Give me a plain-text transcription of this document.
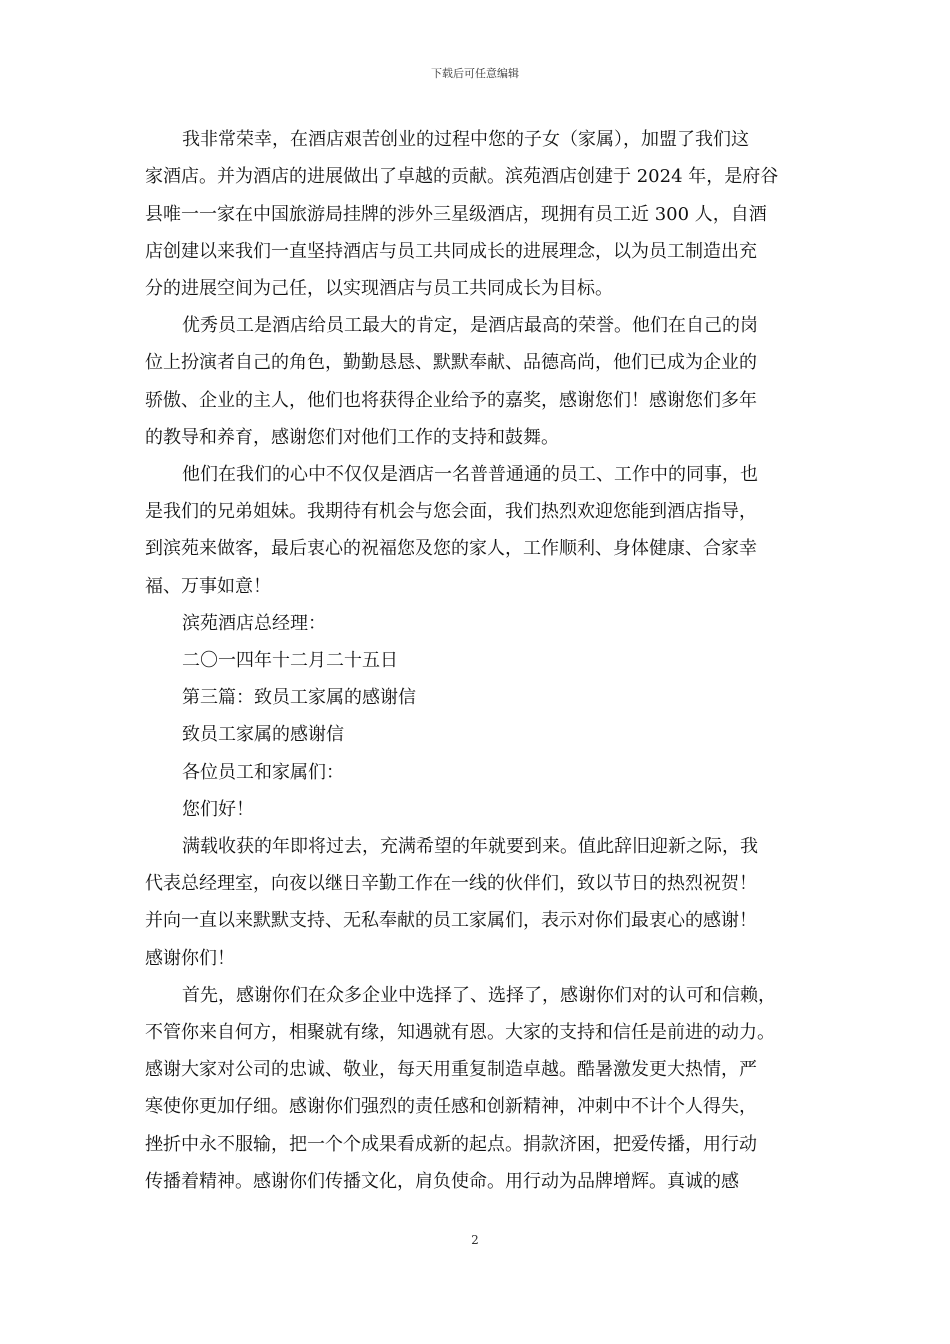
下载后可任意编辑
我非常荣幸，在酒店艰苦创业的过程中您的子女（家属），加盟了我们这
家酒店。并为酒店的进展做出了卓越的贡献。滨苑酒店创建于 2024 年，是府谷
县唯一一家在中国旅游局挂牌的涉外三星级酒店，现拥有员工近 300 人，自酒
店创建以来我们一直坚持酒店与员工共同成长的进展理念，以为员工制造出充
分的进展空间为己任，以实现酒店与员工共同成长为目标。
优秀员工是酒店给员工最大的肯定，是酒店最高的荣誉。他们在自己的岗
位上扮演者自己的角色，勤勤恳恳、默默奉献、品德高尚，他们已成为企业的
骄傲、企业的主人，他们也将获得企业给予的嘉奖，感谢您们！感谢您们多年
的教导和养育，感谢您们对他们工作的支持和鼓舞。
他们在我们的心中不仅仅是酒店一名普普通通的员工、工作中的同事，也
是我们的兄弟姐妹。我期待有机会与您会面，我们热烈欢迎您能到酒店指导，
到滨苑来做客，最后衷心的祝福您及您的家人，工作顺利、身体健康、合家幸
福、万事如意！
滨苑酒店总经理：
二〇一四年十二月二十五日
第三篇：致员工家属的感谢信
致员工家属的感谢信
各位员工和家属们：
您们好！
满载收获的年即将过去，充满希望的年就要到来。值此辞旧迎新之际，我
代表总经理室，向夜以继日辛勤工作在一线的伙伴们，致以节日的热烈祝贺！
并向一直以来默默支持、无私奉献的员工家属们，表示对你们最衷心的感谢！
感谢你们！
首先，感谢你们在众多企业中选择了、选择了，感谢你们对的认可和信赖，
不管你来自何方，相聚就有缘，知遇就有恩。大家的支持和信任是前进的动力。
感谢大家对公司的忠诚、敬业，每天用重复制造卓越。酷暑激发更大热情，严
寒使你更加仔细。感谢你们强烈的责任感和创新精神，冲刺中不计个人得失，
挫折中永不服输，把一个个成果看成新的起点。捐款济困，把爱传播，用行动
传播着精神。感谢你们传播文化，肩负使命。用行动为品牌增辉。真诚的感
2
